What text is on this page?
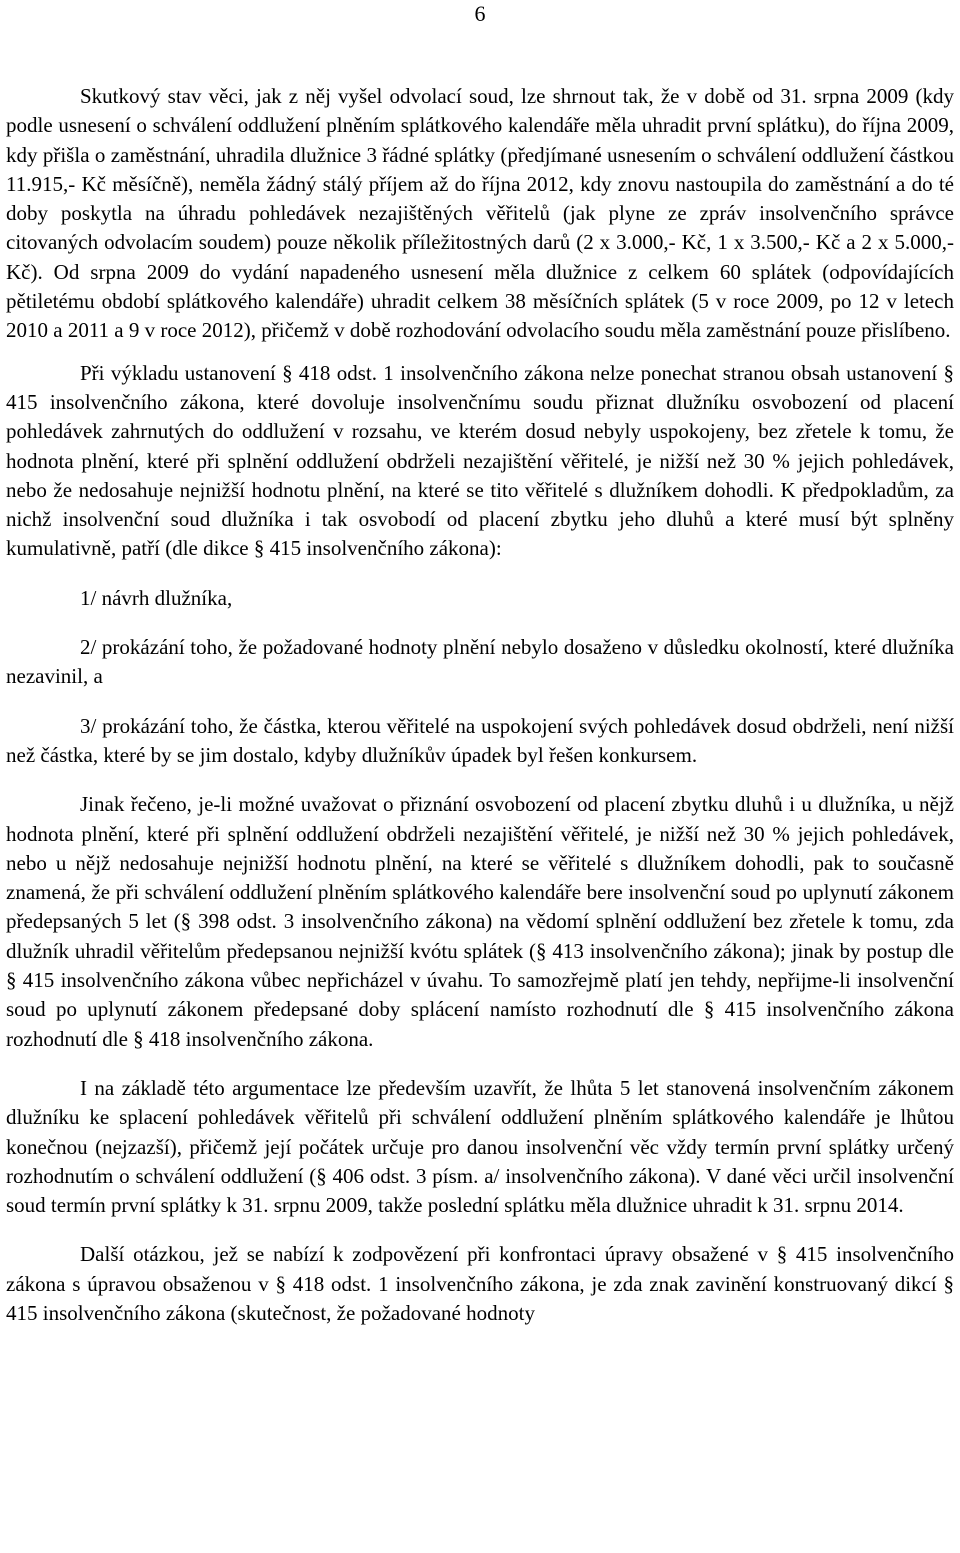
6

Skutkový stav věci, jak z něj vyšel odvolací soud, lze shrnout tak, že v době od 31. srpna 2009 (kdy podle usnesení o schválení oddlužení plněním splátkového kalendáře měla uhradit první splátku), do října 2009, kdy přišla o zaměstnání, uhradila dlužnice 3 řádné splátky (předjímané usnesením o schválení oddlužení částkou 11.915,- Kč měsíčně), neměla žádný stálý příjem až do října 2012, kdy znovu nastoupila do zaměstnání a do té doby poskytla na úhradu pohledávek nezajištěných věřitelů (jak plyne ze zpráv insolvenčního správce citovaných odvolacím soudem) pouze několik příležitostných darů (2 x 3.000,- Kč, 1 x 3.500,- Kč a 2 x 5.000,- Kč). Od srpna 2009 do vydání napadeného usnesení měla dlužnice z celkem 60 splátek (odpovídajících pětiletému období splátkového kalendáře) uhradit celkem 38 měsíčních splátek (5 v roce 2009, po 12 v letech 2010 a 2011 a 9 v roce 2012), přičemž v době rozhodování odvolacího soudu měla zaměstnání pouze přislíbeno.

Při výkladu ustanovení § 418 odst. 1 insolvenčního zákona nelze ponechat stranou obsah ustanovení § 415 insolvenčního zákona, které dovoluje insolvenčnímu soudu přiznat dlužníku osvobození od placení pohledávek zahrnutých do oddlužení v rozsahu, ve kterém dosud nebyly uspokojeny, bez zřetele k tomu, že hodnota plnění, které při splnění oddlužení obdrželi nezajištění věřitelé, je nižší než 30 % jejich pohledávek, nebo že nedosahuje nejnižší hodnotu plnění, na které se tito věřitelé s dlužníkem dohodli. K předpokladům, za nichž insolvenční soud dlužníka i tak osvobodí od placení zbytku jeho dluhů a které musí být splněny kumulativně, patří (dle dikce § 415 insolvenčního zákona):

1/ návrh dlužníka,

2/ prokázání toho, že požadované hodnoty plnění nebylo dosaženo v důsledku okolností, které dlužníka nezavinil, a

3/ prokázání toho, že částka, kterou věřitelé na uspokojení svých pohledávek dosud obdrželi, není nižší než částka, které by se jim dostalo, kdyby dlužníkův úpadek byl řešen konkursem.

Jinak řečeno, je-li možné uvažovat o přiznání osvobození od placení zbytku dluhů i u dlužníka, u nějž hodnota plnění, které při splnění oddlužení obdrželi nezajištění věřitelé, je nižší než 30 % jejich pohledávek, nebo u nějž nedosahuje nejnižší hodnotu plnění, na které se věřitelé s dlužníkem dohodli, pak to současně znamená, že při schválení oddlužení plněním splátkového kalendáře bere insolvenční soud po uplynutí zákonem předepsaných 5 let (§ 398 odst. 3 insolvenčního zákona) na vědomí splnění oddlužení bez zřetele k tomu, zda dlužník uhradil věřitelům předepsanou nejnižší kvótu splátek (§ 413 insolvenčního zákona); jinak by postup dle § 415 insolvenčního zákona vůbec nepřicházel v úvahu. To samozřejmě platí jen tehdy, nepřijme-li insolvenční soud po uplynutí zákonem předepsané doby splácení namísto rozhodnutí dle § 415 insolvenčního zákona rozhodnutí dle § 418 insolvenčního zákona.

I na základě této argumentace lze především uzavřít, že lhůta 5 let stanovená insolvenčním zákonem dlužníku ke splacení pohledávek věřitelů při schválení oddlužení plněním splátkového kalendáře je lhůtou konečnou (nejzazší), přičemž její počátek určuje pro danou insolvenční věc vždy termín první splátky určený rozhodnutím o schválení oddlužení (§ 406 odst. 3 písm. a/ insolvenčního zákona). V dané věci určil insolvenční soud termín první splátky k 31. srpnu 2009, takže poslední splátku měla dlužnice uhradit k 31. srpnu 2014.

Další otázkou, jež se nabízí k zodpovězení při konfrontaci úpravy obsažené v § 415 insolvenčního zákona s úpravou obsaženou v § 418 odst. 1 insolvenčního zákona, je zda znak zavinění konstruovaný dikcí § 415 insolvenčního zákona (skutečnost, že požadované hodnoty
